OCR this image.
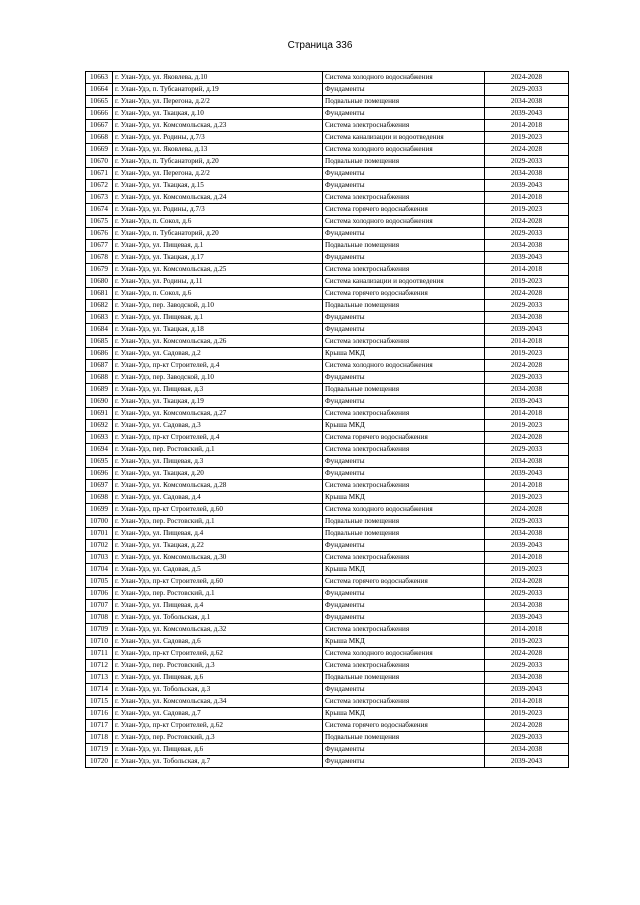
Страница 336
10663	г. Улан-Удэ, ул. Яковлева, д.10	Система холодного водоснабжения	2024-2028
10664	г. Улан-Удэ, п. Тубсанаторий, д.19	Фундаменты	2029-2033
10665	г. Улан-Удэ, ул. Перегона, д.2/2	Подвальные помещения	2034-2038
10666	г. Улан-Удэ, ул. Ткацкая, д.10	Фундаменты	2039-2043
10667	г. Улан-Удэ, ул. Комсомольская, д.23	Система электроснабжения	2014-2018
10668	г. Улан-Удэ, ул. Родины, д.7/3	Система канализации и водоотведения	2019-2023
10669	г. Улан-Удэ, ул. Яковлева, д.13	Система холодного водоснабжения	2024-2028
10670	г. Улан-Удэ, п. Тубсанаторий, д.20	Подвальные помещения	2029-2033
10671	г. Улан-Удэ, ул. Перегона, д.2/2	Фундаменты	2034-2038
10672	г. Улан-Удэ, ул. Ткацкая, д.15	Фундаменты	2039-2043
10673	г. Улан-Удэ, ул. Комсомольская, д.24	Система электроснабжения	2014-2018
10674	г. Улан-Удэ, ул. Родины, д.7/3	Система горячего водоснабжения	2019-2023
10675	г. Улан-Удэ, п. Сокол, д.6	Система холодного водоснабжения	2024-2028
10676	г. Улан-Удэ, п. Тубсанаторий, д.20	Фундаменты	2029-2033
10677	г. Улан-Удэ, ул. Пищевая, д.1	Подвальные помещения	2034-2038
10678	г. Улан-Удэ, ул. Ткацкая, д.17	Фундаменты	2039-2043
10679	г. Улан-Удэ, ул. Комсомольская, д.25	Система электроснабжения	2014-2018
10680	г. Улан-Удэ, ул. Родины, д.11	Система канализации и водоотведения	2019-2023
10681	г. Улан-Удэ, п. Сокол, д.6	Система горячего водоснабжения	2024-2028
10682	г. Улан-Удэ, пер. Заводской, д.10	Подвальные помещения	2029-2033
10683	г. Улан-Удэ, ул. Пищевая, д.1	Фундаменты	2034-2038
10684	г. Улан-Удэ, ул. Ткацкая, д.18	Фундаменты	2039-2043
10685	г. Улан-Удэ, ул. Комсомольская, д.26	Система электроснабжения	2014-2018
10686	г. Улан-Удэ, ул. Садовая, д.2	Крыша МКД	2019-2023
10687	г. Улан-Удэ, пр-кт Строителей, д.4	Система холодного водоснабжения	2024-2028
10688	г. Улан-Удэ, пер. Заводской, д.10	Фундаменты	2029-2033
10689	г. Улан-Удэ, ул. Пищевая, д.3	Подвальные помещения	2034-2038
10690	г. Улан-Удэ, ул. Ткацкая, д.19	Фундаменты	2039-2043
10691	г. Улан-Удэ, ул. Комсомольская, д.27	Система электроснабжения	2014-2018
10692	г. Улан-Удэ, ул. Садовая, д.3	Крыша МКД	2019-2023
10693	г. Улан-Удэ, пр-кт Строителей, д.4	Система горячего водоснабжения	2024-2028
10694	г. Улан-Удэ, пер. Ростовский, д.1	Система электроснабжения	2029-2033
10695	г. Улан-Удэ, ул. Пищевая, д.3	Фундаменты	2034-2038
10696	г. Улан-Удэ, ул. Ткацкая, д.20	Фундаменты	2039-2043
10697	г. Улан-Удэ, ул. Комсомольская, д.28	Система электроснабжения	2014-2018
10698	г. Улан-Удэ, ул. Садовая, д.4	Крыша МКД	2019-2023
10699	г. Улан-Удэ, пр-кт Строителей, д.60	Система холодного водоснабжения	2024-2028
10700	г. Улан-Удэ, пер. Ростовский, д.1	Подвальные помещения	2029-2033
10701	г. Улан-Удэ, ул. Пищевая, д.4	Подвальные помещения	2034-2038
10702	г. Улан-Удэ, ул. Ткацкая, д.22	Фундаменты	2039-2043
10703	г. Улан-Удэ, ул. Комсомольская, д.30	Система электроснабжения	2014-2018
10704	г. Улан-Удэ, ул. Садовая, д.5	Крыша МКД	2019-2023
10705	г. Улан-Удэ, пр-кт Строителей, д.60	Система горячего водоснабжения	2024-2028
10706	г. Улан-Удэ, пер. Ростовский, д.1	Фундаменты	2029-2033
10707	г. Улан-Удэ, ул. Пищевая, д.4	Фундаменты	2034-2038
10708	г. Улан-Удэ, ул. Тобольская, д.1	Фундаменты	2039-2043
10709	г. Улан-Удэ, ул. Комсомольская, д.32	Система электроснабжения	2014-2018
10710	г. Улан-Удэ, ул. Садовая, д.6	Крыша МКД	2019-2023
10711	г. Улан-Удэ, пр-кт Строителей, д.62	Система холодного водоснабжения	2024-2028
10712	г. Улан-Удэ, пер. Ростовский, д.3	Система электроснабжения	2029-2033
10713	г. Улан-Удэ, ул. Пищевая, д.6	Подвальные помещения	2034-2038
10714	г. Улан-Удэ, ул. Тобольская, д.3	Фундаменты	2039-2043
10715	г. Улан-Удэ, ул. Комсомольская, д.34	Система электроснабжения	2014-2018
10716	г. Улан-Удэ, ул. Садовая, д.7	Крыша МКД	2019-2023
10717	г. Улан-Удэ, пр-кт Строителей, д.62	Система горячего водоснабжения	2024-2028
10718	г. Улан-Удэ, пер. Ростовский, д.3	Подвальные помещения	2029-2033
10719	г. Улан-Удэ, ул. Пищевая, д.6	Фундаменты	2034-2038
10720	г. Улан-Удэ, ул. Тобольская, д.7	Фундаменты	2039-2043
